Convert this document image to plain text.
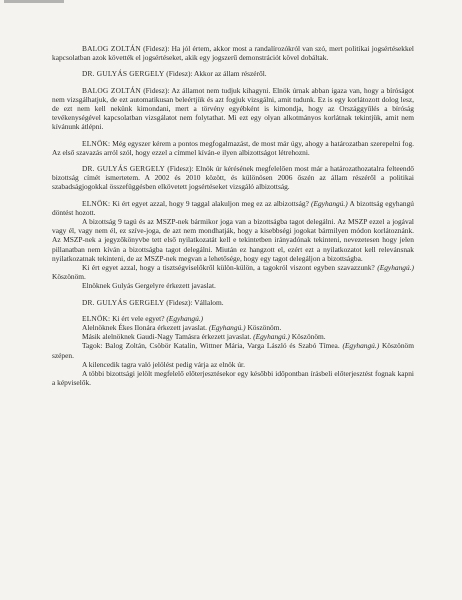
BALOG ZOLTÁN (Fidesz): Ha jól értem, akkor most a randalírozókról van szó, mert politikai jogsértésekkel kapcsolatban azok követték el jogsértéseket, akik egy jogszerű demonstrációt kövel dobáltak.

DR. GULYÁS GERGELY (Fidesz): Akkor az állam részéről.

BALOG ZOLTÁN (Fidesz): Az államot nem tudjuk kihagyni. Elnök úrnak abban igaza van, hogy a bíróságot nem vizsgálhatjuk, de ezt automatikusan beleértjük és azt fogjuk vizsgálni, amit tudunk. Ez is egy korlátozott dolog lesz, de ezt nem kell nekünk kimondani, mert a törvény egyébként is kimondja, hogy az Országgyűlés a bíróság tevékenységével kapcsolatban vizsgálatot nem folytathat. Mi ezt egy olyan alkotmányos korlátnak tekintjük, amit nem kívánunk átlépni.

ELNÖK: Még egyszer kérem a pontos megfogalmazást, de most már úgy, ahogy a határozatban szerepelni fog. Az első szavazás arról szól, hogy ezzel a címmel kíván-e ilyen albizottságot létrehozni.

DR. GULYÁS GERGELY (Fidesz): Elnök úr kérésének megfelelően most már a határozathozatalra felteendő bizottság címét ismertetem. A 2002 és 2010 között, és különösen 2006 őszén az állam részéről a politikai szabadságjogokkal összefüggésben elkövetett jogsértéseket vizsgáló albizottság.

ELNÖK: Ki ért egyet azzal, hogy 9 taggal alakuljon meg ez az albizottság? (Egyhangú.) A bizottság egyhangú döntést hozott.

A bizottság 9 tagú és az MSZP-nek bármikor joga van a bizottságba tagot delegálni. Az MSZP ezzel a jogával vagy él, vagy nem él, ez szíve-joga, de azt nem mondhatják, hogy a kisebbségi jogokat bármilyen módon korlátoznánk. Az MSZP-nek a jegyzőkönyvbe tett első nyilatkozatát kell e tekintetben irányadónak tekinteni, nevezetesen hogy jelen pillanatban nem kíván a bizottságba tagot delegálni. Miután ez hangzott el, ezért ezt a nyilatkozatot kell relevánsnak nyilatkozatnak tekinteni, de az MSZP-nek megvan a lehetősége, hogy egy tagot delegáljon a bizottságba.

Ki ért egyet azzal, hogy a tisztségviselőkről külön-külön, a tagokról viszont egyben szavazzunk? (Egyhangú.) Köszönöm.

Elnöknek Gulyás Gergelyre érkezett javaslat.

DR. GULYÁS GERGELY (Fidesz): Vállalom.

ELNÖK: Ki ért vele egyet? (Egyhangú.)

Alelnöknek Ékes Ilonára érkezett javaslat. (Egyhangú.) Köszönöm.

Másik alelnöknek Gaudi-Nagy Tamásra érkezett javaslat. (Egyhangú.) Köszönöm.

Tagok: Balog Zoltán, Csöbör Katalin, Wittner Mária, Varga László és Szabó Tímea. (Egyhangú.) Köszönöm szépen.

A kilencedik tagra való jelölést pedig várja az elnök úr.

A többi bizottsági jelölt megfelelő előterjesztésekor egy későbbi időpontban írásbeli előterjesztést fognak kapni a képviselők.
